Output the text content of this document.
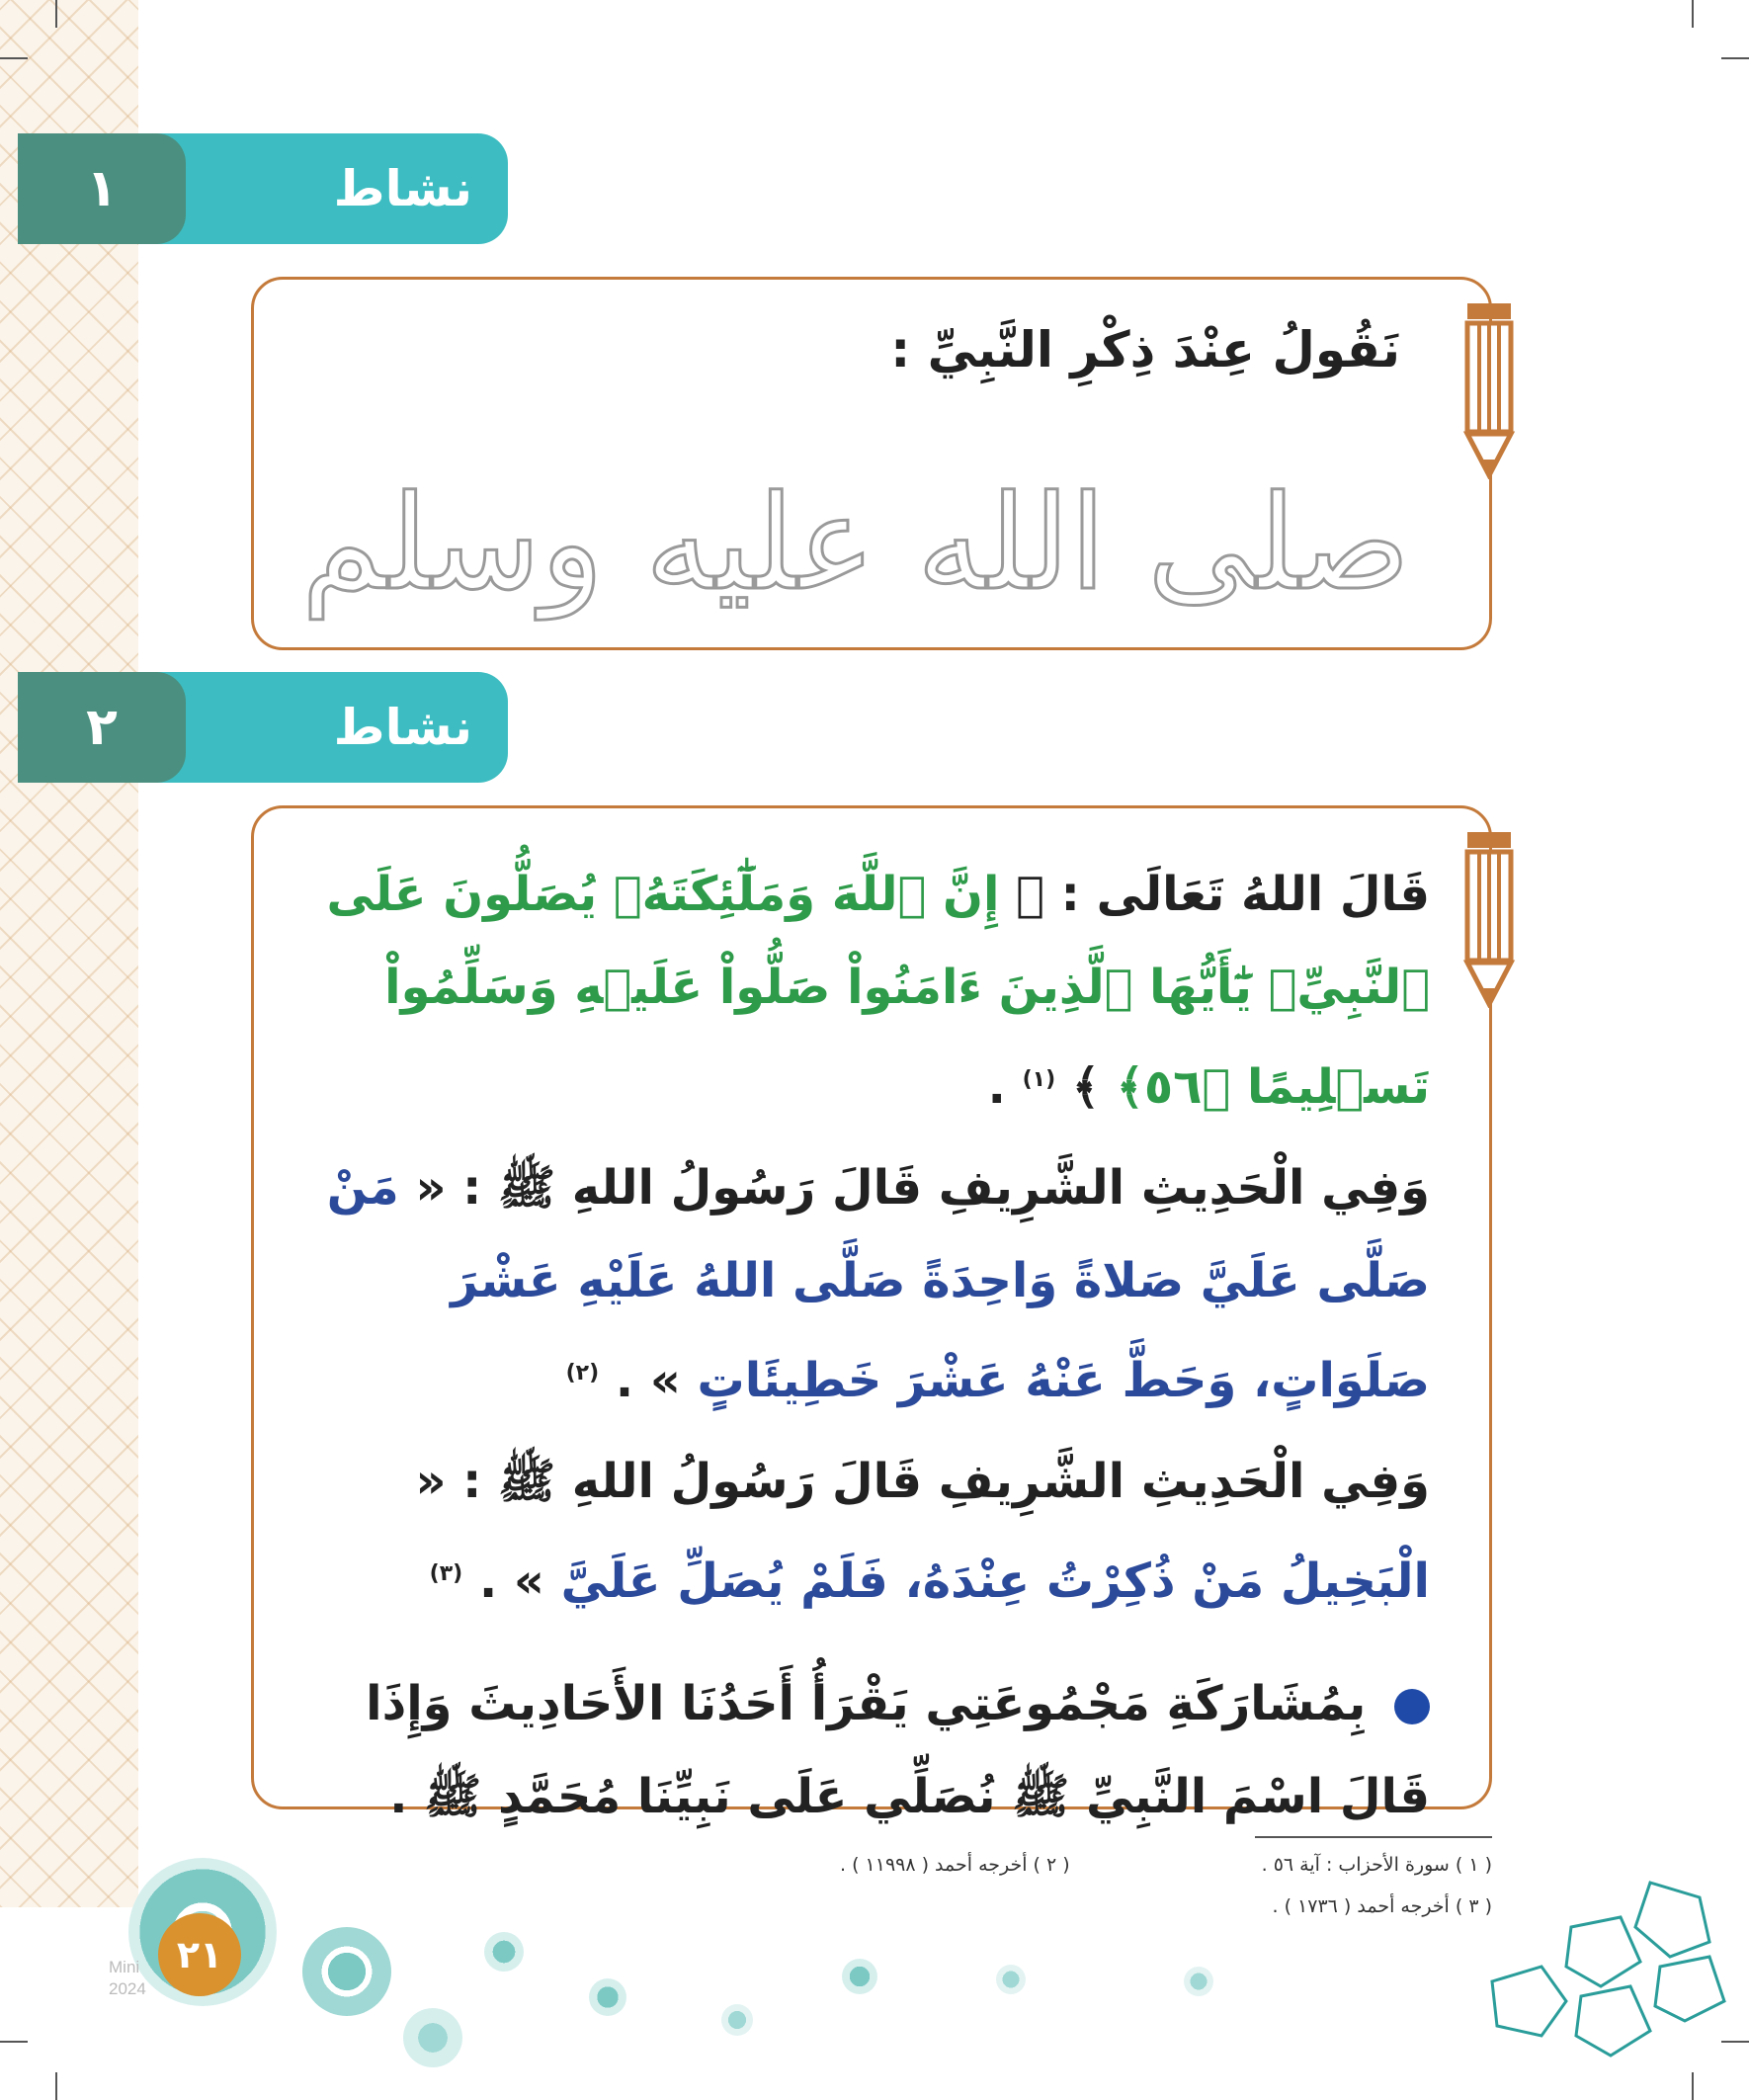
١	نشاط
نَقُولُ عِنْدَ ذِكْرِ النَّبِيِّ :
صلى الله عليه وسلم
٢	نشاط

قَالَ اللهُ تَعَالَى : ﴿ إِنَّ ٱللَّهَ وَمَلَٰٓئِكَتَهُۥ يُصَلُّونَ عَلَى ٱلنَّبِيِّۚ يَٰٓأَيُّهَا ٱلَّذِينَ ءَامَنُواْ صَلُّواْ عَلَيۡهِ وَسَلِّمُواْ تَسۡلِيمًا ﴿٥٦﴾ ﴾ $^{(١)}$ .

وَفِي الْحَدِيثِ الشَّرِيفِ قَالَ رَسُولُ اللهِ ﷺ : « مَنْ صَلَّى عَلَيَّ صَلاةً وَاحِدَةً صَلَّى اللهُ عَلَيْهِ عَشْرَ صَلَوَاتٍ، وَحَطَّ عَنْهُ عَشْرَ خَطِيئَاتٍ » . $^{(٢)}$

وَفِي الْحَدِيثِ الشَّرِيفِ قَالَ رَسُولُ اللهِ ﷺ : « الْبَخِيلُ مَنْ ذُكِرْتُ عِنْدَهُ، فَلَمْ يُصَلِّ عَلَيَّ » . $^{(٣)}$

بِمُشَارَكَةِ مَجْمُوعَتِي يَقْرَأُ أَحَدُنَا الأَحَادِيثَ وَإِذَا قَالَ اسْمَ النَّبِيِّ ﷺ نُصَلِّي عَلَى نَبِيِّنَا مُحَمَّدٍ ﷺ .

( ١ ) سورة الأحزاب : آية ٥٦ .
( ٢ ) أخرجه أحمد ( ١١٩٩٨ ) .
( ٣ ) أخرجه أحمد ( ١٧٣٦ ) .
Mini
2024
٢١
